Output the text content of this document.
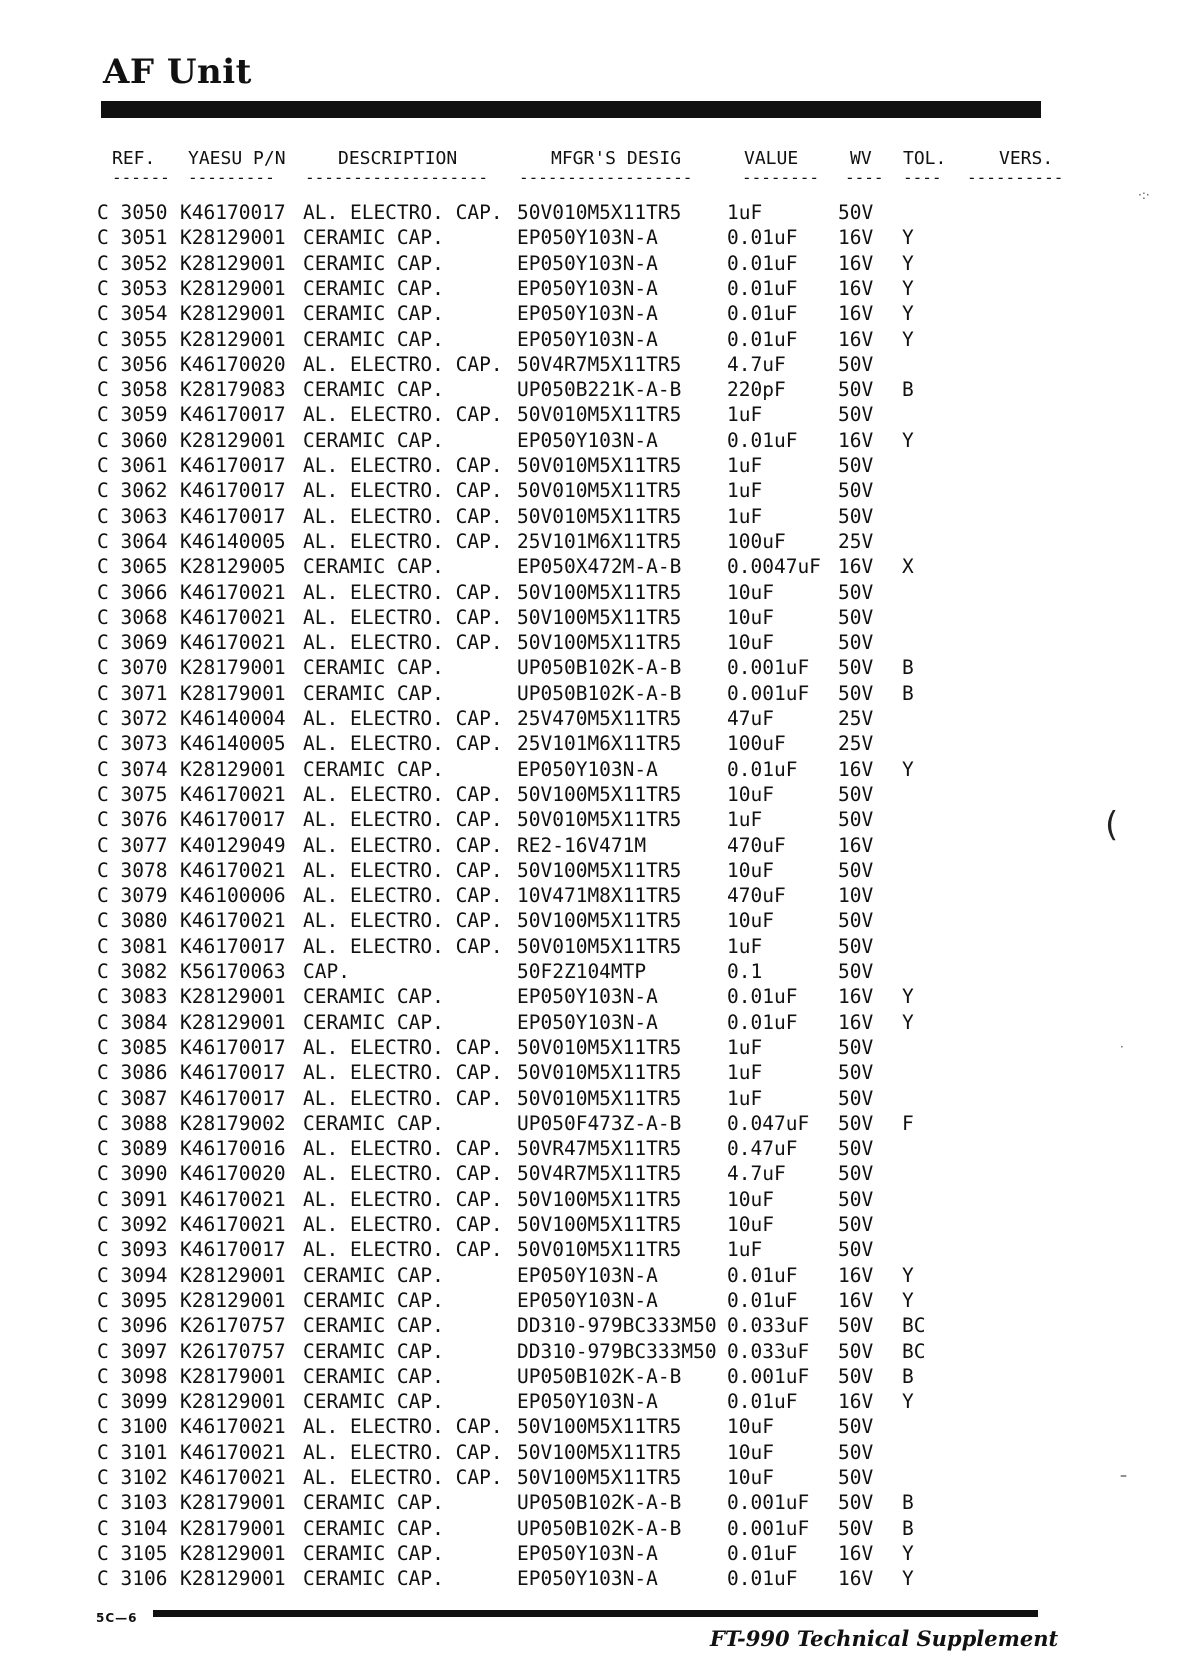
AF Unit
REF. YAESU P/N	DESCRIPTION	MFGR'S DESIG	VALUE	WV TOL.	VERS.
------ --------- ------------------- ------------------	-------- ---- ---- ----------
C 3050 K46170017 AL. ELECTRO. CAP. 50V010M5X11TR5 1uF	50V
C 3051 K28129001 CERAMIC CAP.	EP050Y103N-A	0.01uF 16V Y
C 3052 K28129001 CERAMIC CAP.	EP050Y103N-A	0.01uF 16V Y
C 3053 K28129001 CERAMIC CAP.	EP050Y103N-A	0.01uF 16V Y
C 3054 K28129001 CERAMIC CAP.	EP050Y103N-A	0.01uF 16V Y
C 3055 K28129001 CERAMIC CAP.	EP050Y103N-A	0.01uF 16V Y
C 3056 K46170020 AL. ELECTRO. CAP. 50V4R7M5X11TR5 4.7uF	50V
C 3058 K28179083 CERAMIC CAP.	UP050B221K-A-B 220pF	50V B
C 3059 K46170017 AL. ELECTRO. CAP. 50V010M5X11TR5 1uF	50V
C 3060 K28129001 CERAMIC CAP.	EP050Y103N-A	0.01uF 16V Y
C 3061 K46170017 AL. ELECTRO. CAP. 50V010M5X11TR5 1uF	50V
C 3062 K46170017 AL. ELECTRO. CAP. 50V010M5X11TR5 1uF	50V
C 3063 K46170017 AL. ELECTRO. CAP. 50V010M5X11TR5 1uF	50V
C 3064 K46140005 AL. ELECTRO. CAP. 25V101M6X11TR5 100uF	25V
C 3065 K28129005 CERAMIC CAP.	EP050X472M-A-B 0.0047uF 16V X
C 3066 K46170021 AL. ELECTRO. CAP. 50V100M5X11TR5 10uF	50V
C 3068 K46170021 AL. ELECTRO. CAP. 50V100M5X11TR5 10uF	50V
C 3069 K46170021 AL. ELECTRO. CAP. 50V100M5X11TR5 10uF	50V
C 3070 K28179001 CERAMIC CAP.	UP050B102K-A-B 0.001uF 50V B
C 3071 K28179001 CERAMIC CAP.	UP050B102K-A-B 0.001uF 50V B
C 3072 K46140004 AL. ELECTRO. CAP. 25V470M5X11TR5 47uF	25V
C 3073 K46140005 AL. ELECTRO. CAP. 25V101M6X11TR5 100uF	25V
C 3074 K28129001 CERAMIC CAP.	EP050Y103N-A	0.01uF 16V Y
C 3075 K46170021 AL. ELECTRO. CAP. 50V100M5X11TR5 10uF	50V
C 3076 K46170017 AL. ELECTRO. CAP. 50V010M5X11TR5 1uF	50V
C 3077 K40129049 AL. ELECTRO. CAP. RE2-16V471M	470uF	16V
C 3078 K46170021 AL. ELECTRO. CAP. 50V100M5X11TR5 10uF	50V
C 3079 K46100006 AL. ELECTRO. CAP. 10V471M8X11TR5 470uF	10V
C 3080 K46170021 AL. ELECTRO. CAP. 50V100M5X11TR5 10uF	50V
C 3081 K46170017 AL. ELECTRO. CAP. 50V010M5X11TR5 1uF	50V
C 3082 K56170063 CAP.	50F2Z104MTP	0.1	50V
C 3083 K28129001 CERAMIC CAP.	EP050Y103N-A	0.01uF 16V Y
C 3084 K28129001 CERAMIC CAP.	EP050Y103N-A	0.01uF 16V Y
C 3085 K46170017 AL. ELECTRO. CAP. 50V010M5X11TR5 1uF	50V
C 3086 K46170017 AL. ELECTRO. CAP. 50V010M5X11TR5 1uF	50V
C 3087 K46170017 AL. ELECTRO. CAP. 50V010M5X11TR5 1uF	50V
C 3088 K28179002 CERAMIC CAP.	UP050F473Z-A-B 0.047uF 50V F
C 3089 K46170016 AL. ELECTRO. CAP. 50VR47M5X11TR5 0.47uF 50V
C 3090 K46170020 AL. ELECTRO. CAP. 50V4R7M5X11TR5 4.7uF	50V
C 3091 K46170021 AL. ELECTRO. CAP. 50V100M5X11TR5 10uF	50V
C 3092 K46170021 AL. ELECTRO. CAP. 50V100M5X11TR5 10uF	50V
C 3093 K46170017 AL. ELECTRO. CAP. 50V010M5X11TR5 1uF	50V
C 3094 K28129001 CERAMIC CAP.	EP050Y103N-A	0.01uF 16V Y
C 3095 K28129001 CERAMIC CAP.	EP050Y103N-A	0.01uF 16V Y
C 3096 K26170757 CERAMIC CAP.	DD310-979BC333M50 0.033uF 50V BC
C 3097 K26170757 CERAMIC CAP.	DD310-979BC333M50 0.033uF 50V BC
C 3098 K28179001 CERAMIC CAP.	UP050B102K-A-B 0.001uF 50V B
C 3099 K28129001 CERAMIC CAP.	EP050Y103N-A	0.01uF 16V Y
C 3100 K46170021 AL. ELECTRO. CAP. 50V100M5X11TR5 10uF	50V
C 3101 K46170021 AL. ELECTRO. CAP. 50V100M5X11TR5 10uF	50V
C 3102 K46170021 AL. ELECTRO. CAP. 50V100M5X11TR5 10uF	50V
C 3103 K28179001 CERAMIC CAP.	UP050B102K-A-B 0.001uF 50V B
C 3104 K28179001 CERAMIC CAP.	UP050B102K-A-B 0.001uF 50V B
C 3105 K28129001 CERAMIC CAP.	EP050Y103N-A	0.01uF 16V Y
C 3106 K28129001 CERAMIC CAP.	EP050Y103N-A	0.01uF 16V Y
5C—6
FT-990 Technical Supplement
·:·
(
·
–
